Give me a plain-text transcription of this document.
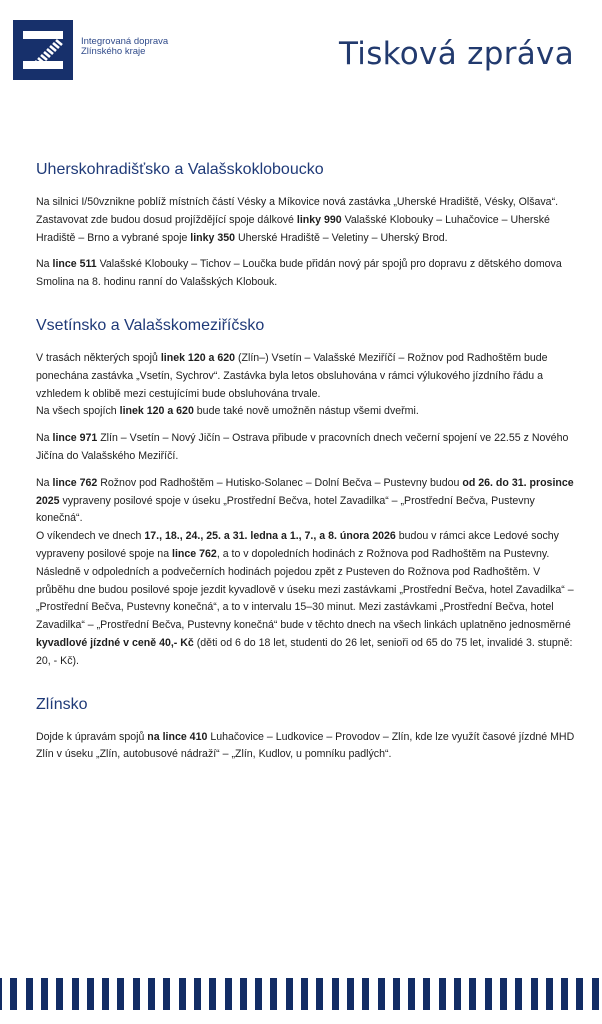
Integrovaná doprava
Zlínského kraje	Tisková zpráva
Uherskohradišťsko a Valašskokloboucko

Na silnici I/50vznikne poblíž místních částí Vésky a Míkovice nová zastávka „Uherské Hradiště, Vésky, Olšava“. Zastavovat zde budou dosud projíždějící spoje dálkové linky 990 Valašské Klobouky – Luhačovice – Uherské Hradiště – Brno a vybrané spoje linky 350 Uherské Hradiště – Veletiny – Uherský Brod.

Na lince 511 Valašské Klobouky – Tichov – Loučka bude přidán nový pár spojů pro dopravu z dětského domova Smolina na 8. hodinu ranní do Valašských Klobouk.

Vsetínsko a Valašskomeziříčsko

V trasách některých spojů linek 120 a 620 (Zlín–) Vsetín – Valašské Meziříčí – Rožnov pod Radhoštěm bude ponechána zastávka „Vsetín, Sychrov“. Zastávka byla letos obsluhována v rámci výlukového jízdního řádu a vzhledem k oblibě mezi cestujícími bude obsluhována trvale.
Na všech spojích linek 120 a 620 bude také nově umožněn nástup všemi dveřmi.

Na lince 971 Zlín – Vsetín – Nový Jičín – Ostrava přibude v pracovních dnech večerní spojení ve 22.55 z Nového Jičína do Valašského Meziříčí.

Na lince 762 Rožnov pod Radhoštěm – Hutisko-Solanec – Dolní Bečva – Pustevny budou od 26. do 31. prosince 2025 vypraveny posilové spoje v úseku „Prostřední Bečva, hotel Zavadilka“ – „Prostřední Bečva, Pustevny konečná“.
O víkendech ve dnech 17., 18., 24., 25. a 31. ledna a 1., 7., a 8. února 2026 budou v rámci akce Ledové sochy vypraveny posilové spoje na lince 762, a to v dopoledních hodinách z Rožnova pod Radhoštěm na Pustevny. Následně v odpoledních a podvečerních hodinách pojedou zpět z Pusteven do Rožnova pod Radhoštěm. V průběhu dne budou posilové spoje jezdit kyvadlově v úseku mezi zastávkami „Prostřední Bečva, hotel Zavadilka“ – „Prostřední Bečva, Pustevny konečná“, a to v intervalu 15–30 minut. Mezi zastávkami „Prostřední Bečva, hotel Zavadilka“ – „Prostřední Bečva, Pustevny konečná“ bude v těchto dnech na všech linkách uplatněno jednosměrné kyvadlové jízdné v ceně 40,- Kč (děti od 6 do 18 let, studenti do 26 let, senioři od 65 do 75 let, invalidé 3. stupně: 20, - Kč).

Zlínsko

Dojde k úpravám spojů na lince 410 Luhačovice – Ludkovice – Provodov – Zlín, kde lze využít časové jízdné MHD Zlín v úseku „Zlín, autobusové nádraží“ – „Zlín, Kudlov, u pomníku padlých“.
